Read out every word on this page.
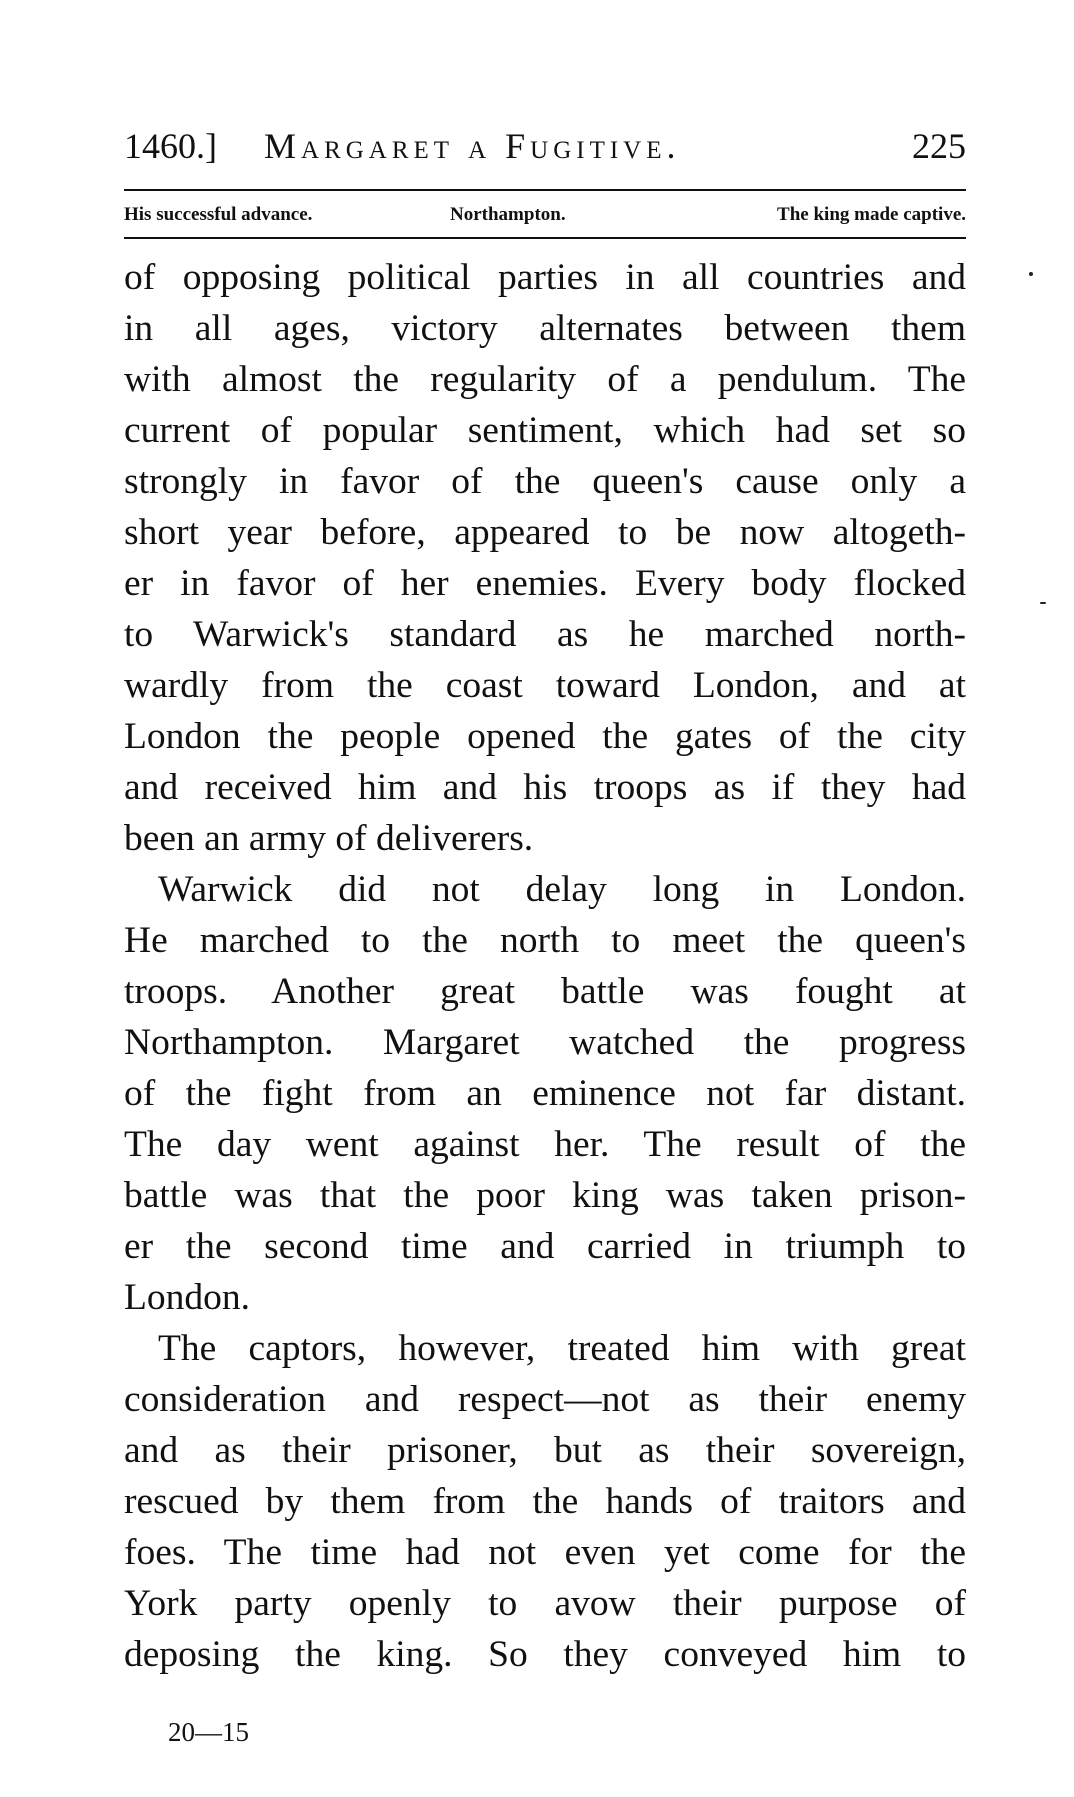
1460.] Margaret a Fugitive.	225
His successful advance.	Northampton.	The king made captive.

of opposing political parties in all countries and

in all ages, victory alternates between them

with almost the regularity of a pendulum. The

current of popular sentiment, which had set so

strongly in favor of the queen's cause only a

short year before, appeared to be now altogeth-

er in favor of her enemies. Every body flocked

to Warwick's standard as he marched north-

wardly from the coast toward London, and at

London the people opened the gates of the city

and received him and his troops as if they had

been an army of deliverers.

Warwick did not delay long in London.

He marched to the north to meet the queen's

troops. Another great battle was fought at

Northampton. Margaret watched the progress

of the fight from an eminence not far distant.

The day went against her. The result of the

battle was that the poor king was taken prison-

er the second time and carried in triumph to

London.

The captors, however, treated him with great

consideration and respect—not as their enemy

and as their prisoner, but as their sovereign,

rescued by them from the hands of traitors and

foes. The time had not even yet come for the

York party openly to avow their purpose of

deposing the king. So they conveyed him to

20—15
